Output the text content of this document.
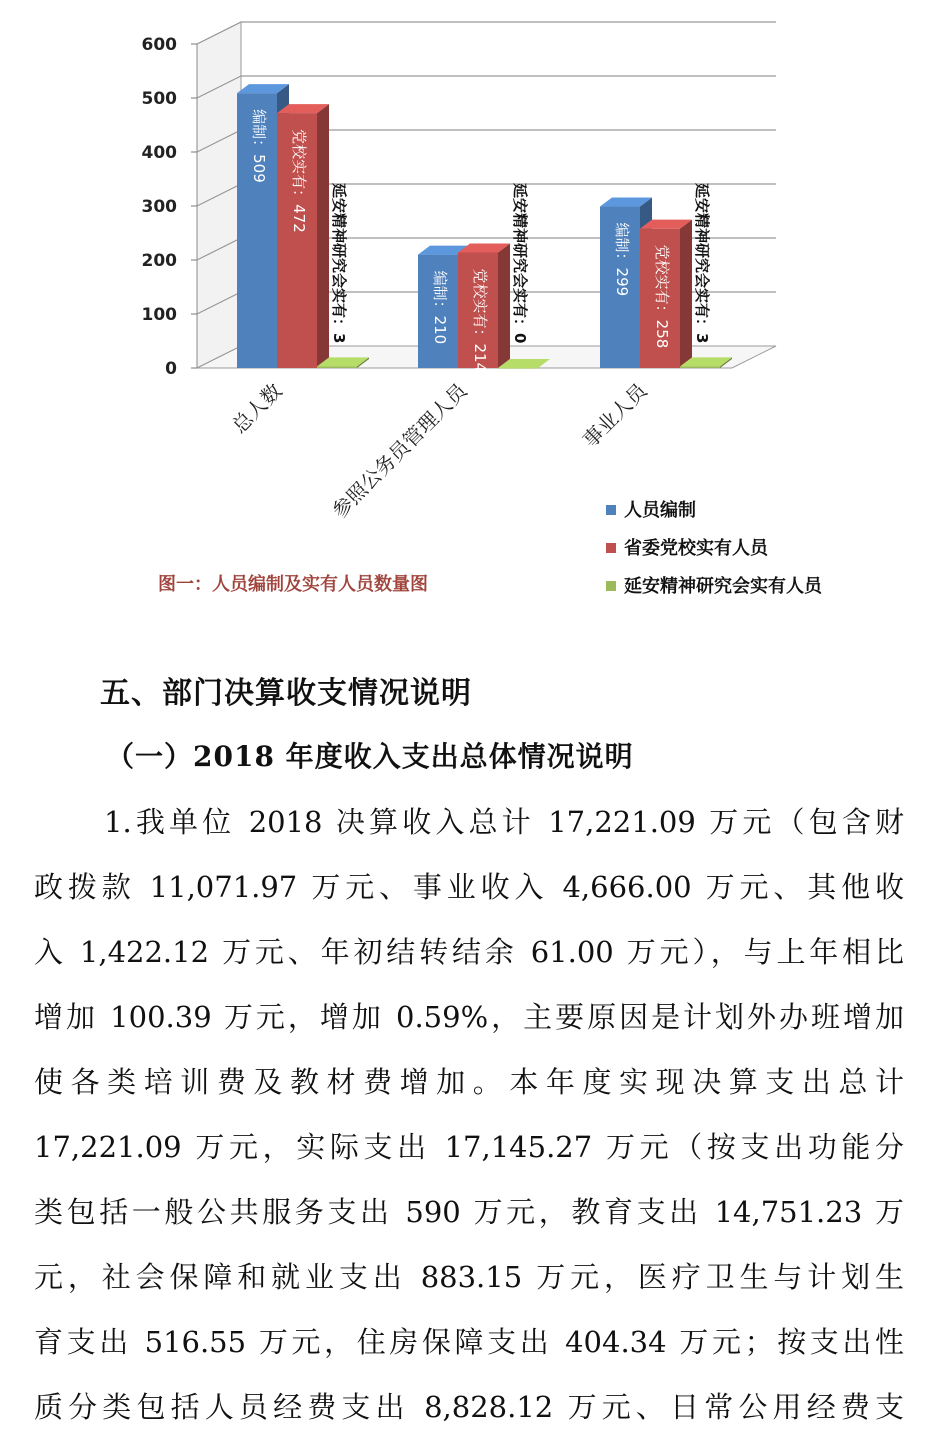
0
100
200
300
400
500
600
编制：509 党校实有：472
延安精神研究会实有：3	编制：210 党校实有：214 延安精神研究会实有：0	编制：299 党校实有：258 延安精神研究会实有：3
总人数 参照公务员管理人员	事业人员
人员编制
省委党校实有人员
延安精神研究会实有人员
图一：人员编制及实有人员数量图
五、部门决算收支情况说明
（一）2018 年度收入支出总体情况说明

1.我单位 2018 决算收入总计 17,221.09 万元（包含财
政拨款 11,071.97 万元、事业收入 4,666.00 万元、其他收
入 1,422.12 万元、年初结转结余 61.00 万元），与上年相比
增加 100.39 万元，增加 0.59%，主要原因是计划外办班增加
使各类培训费及教材费增加。本年度实现决算支出总计
17,221.09 万元，实际支出 17,145.27 万元（按支出功能分
类包括一般公共服务支出 590 万元，教育支出 14,751.23 万
元，社会保障和就业支出 883.15 万元，医疗卫生与计划生
育支出 516.55 万元，住房保障支出 404.34 万元；按支出性
质分类包括人员经费支出 8,828.12 万元、日常公用经费支
